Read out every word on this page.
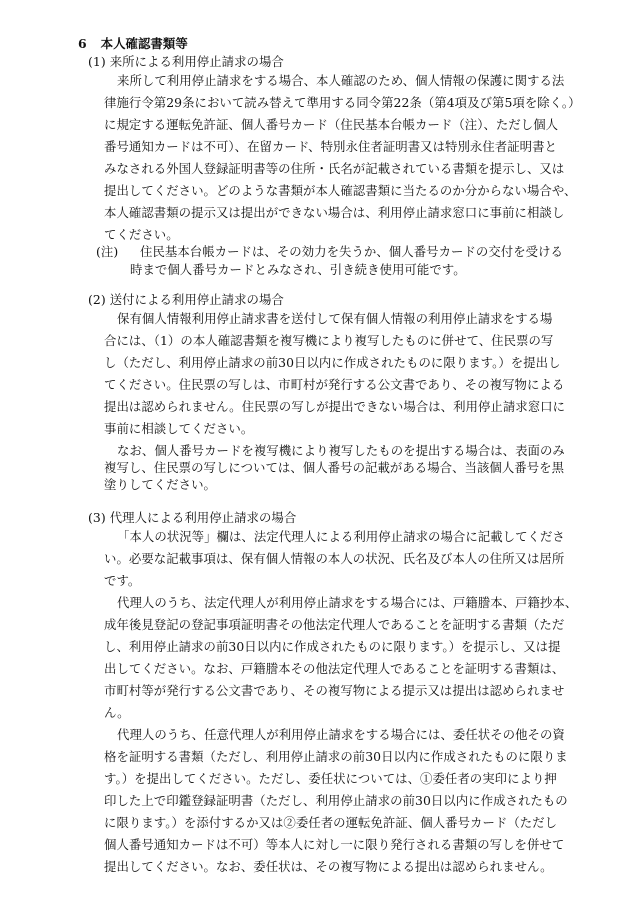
6 本人確認書類等
(1) 来所による利用停止請求の場合
来所して利用停止請求をする場合、本人確認のため、個人情報の保護に関する法
律施行令第29条において読み替えて準用する同令第22条（第4項及び第5項を除く。）
に規定する運転免許証、個人番号カード（住民基本台帳カード（注）、ただし個人
番号通知カードは不可）、在留カード、特別永住者証明書又は特別永住者証明書と
みなされる外国人登録証明書等の住所・氏名が記載されている書類を提示し、又は
提出してください。どのような書類が本人確認書類に当たるのか分からない場合や、
本人確認書類の提示又は提出ができない場合は、利用停止請求窓口に事前に相談し
てください。
(注) 住民基本台帳カードは、その効力を失うか、個人番号カードの交付を受ける
時まで個人番号カードとみなされ、引き続き使用可能です。
(2) 送付による利用停止請求の場合
保有個人情報利用停止請求書を送付して保有個人情報の利用停止請求をする場
合には、（1）の本人確認書類を複写機により複写したものに併せて、住民票の写
し（ただし、利用停止請求の前30日以内に作成されたものに限ります。）を提出し
てください。住民票の写しは、市町村が発行する公文書であり、その複写物による
提出は認められません。住民票の写しが提出できない場合は、利用停止請求窓口に
事前に相談してください。
なお、個人番号カードを複写機により複写したものを提出する場合は、表面のみ
複写し、住民票の写しについては、個人番号の記載がある場合、当該個人番号を黒
塗りしてください。
(3) 代理人による利用停止請求の場合
「本人の状況等」欄は、法定代理人による利用停止請求の場合に記載してくださ
い。必要な記載事項は、保有個人情報の本人の状況、氏名及び本人の住所又は居所
です。
代理人のうち、法定代理人が利用停止請求をする場合には、戸籍謄本、戸籍抄本、
成年後見登記の登記事項証明書その他法定代理人であることを証明する書類（ただ
し、利用停止請求の前30日以内に作成されたものに限ります。）を提示し、又は提
出してください。なお、戸籍謄本その他法定代理人であることを証明する書類は、
市町村等が発行する公文書であり、その複写物による提示又は提出は認められませ
ん。
代理人のうち、任意代理人が利用停止請求をする場合には、委任状その他その資
格を証明する書類（ただし、利用停止請求の前30日以内に作成されたものに限りま
す。）を提出してください。ただし、委任状については、①委任者の実印により押
印した上で印鑑登録証明書（ただし、利用停止請求の前30日以内に作成されたもの
に限ります。）を添付するか又は②委任者の運転免許証、個人番号カード（ただし
個人番号通知カードは不可）等本人に対し一に限り発行される書類の写しを併せて
提出してください。なお、委任状は、その複写物による提出は認められません。
